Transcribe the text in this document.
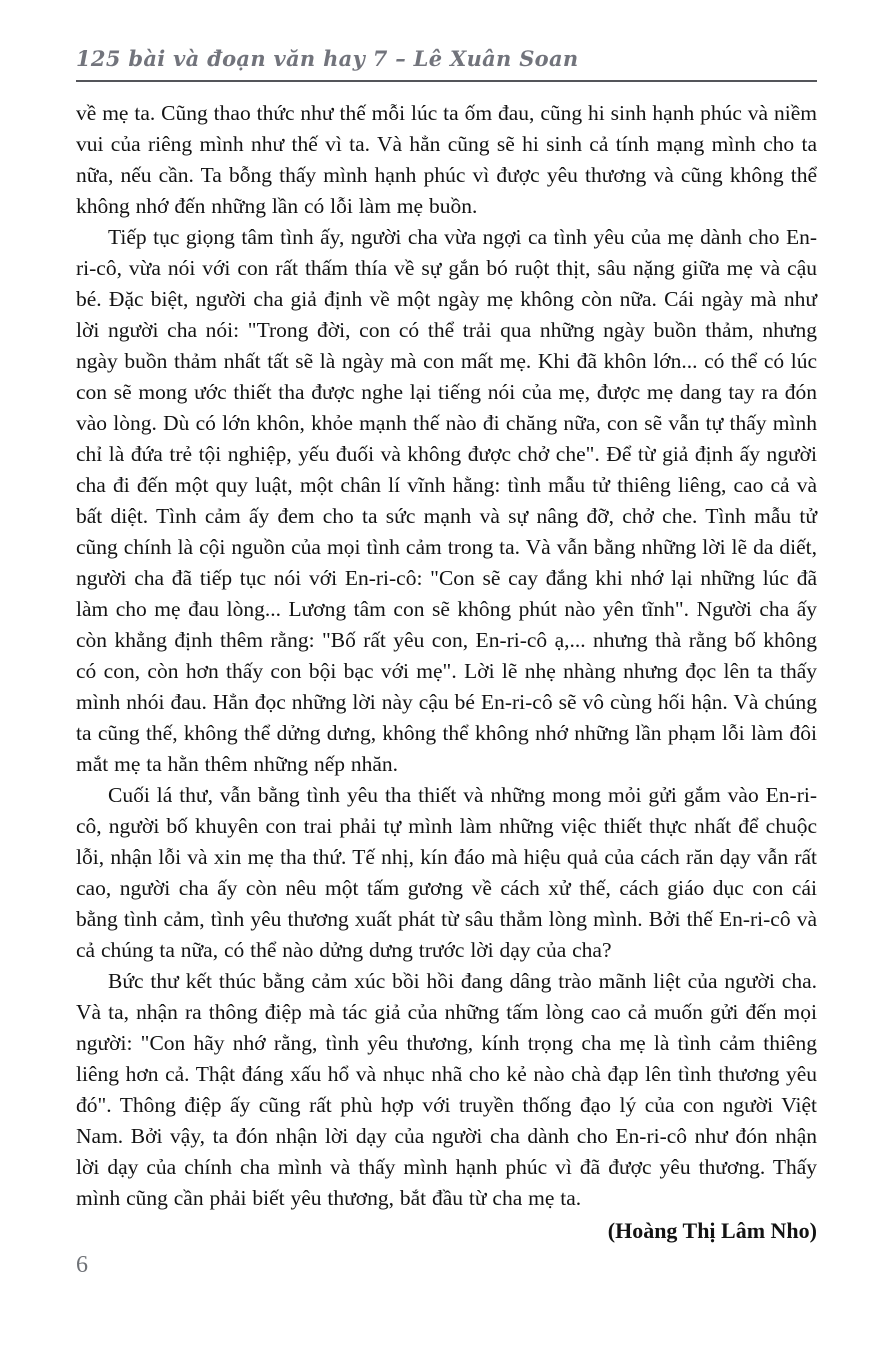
125 bài và đoạn văn hay 7 – Lê Xuân Soan

về mẹ ta. Cũng thao thức như thế mỗi lúc ta ốm đau, cũng hi sinh hạnh phúc và niềm vui của riêng mình như thế vì ta. Và hẳn cũng sẽ hi sinh cả tính mạng mình cho ta nữa, nếu cần. Ta bỗng thấy mình hạnh phúc vì được yêu thương và cũng không thể không nhớ đến những lần có lỗi làm mẹ buồn.

Tiếp tục giọng tâm tình ấy, người cha vừa ngợi ca tình yêu của mẹ dành cho En-ri-cô, vừa nói với con rất thấm thía về sự gắn bó ruột thịt, sâu nặng giữa mẹ và cậu bé. Đặc biệt, người cha giả định về một ngày mẹ không còn nữa. Cái ngày mà như lời người cha nói: "Trong đời, con có thể trải qua những ngày buồn thảm, nhưng ngày buồn thảm nhất tất sẽ là ngày mà con mất mẹ. Khi đã khôn lớn... có thể có lúc con sẽ mong ước thiết tha được nghe lại tiếng nói của mẹ, được mẹ dang tay ra đón vào lòng. Dù có lớn khôn, khỏe mạnh thế nào đi chăng nữa, con sẽ vẫn tự thấy mình chỉ là đứa trẻ tội nghiệp, yếu đuối và không được chở che". Để từ giả định ấy người cha đi đến một quy luật, một chân lí vĩnh hằng: tình mẫu tử thiêng liêng, cao cả và bất diệt. Tình cảm ấy đem cho ta sức mạnh và sự nâng đỡ, chở che. Tình mẫu tử cũng chính là cội nguồn của mọi tình cảm trong ta. Và vẫn bằng những lời lẽ da diết, người cha đã tiếp tục nói với En-ri-cô: "Con sẽ cay đắng khi nhớ lại những lúc đã làm cho mẹ đau lòng... Lương tâm con sẽ không phút nào yên tĩnh". Người cha ấy còn khẳng định thêm rằng: "Bố rất yêu con, En-ri-cô ạ,... nhưng thà rằng bố không có con, còn hơn thấy con bội bạc với mẹ". Lời lẽ nhẹ nhàng nhưng đọc lên ta thấy mình nhói đau. Hẳn đọc những lời này cậu bé En-ri-cô sẽ vô cùng hối hận. Và chúng ta cũng thế, không thể dửng dưng, không thể không nhớ những lần phạm lỗi làm đôi mắt mẹ ta hằn thêm những nếp nhăn.

Cuối lá thư, vẫn bằng tình yêu tha thiết và những mong mỏi gửi gắm vào En-ri-cô, người bố khuyên con trai phải tự mình làm những việc thiết thực nhất để chuộc lỗi, nhận lỗi và xin mẹ tha thứ. Tế nhị, kín đáo mà hiệu quả của cách răn dạy vẫn rất cao, người cha ấy còn nêu một tấm gương về cách xử thế, cách giáo dục con cái bằng tình cảm, tình yêu thương xuất phát từ sâu thẳm lòng mình. Bởi thế En-ri-cô và cả chúng ta nữa, có thể nào dửng dưng trước lời dạy của cha?

Bức thư kết thúc bằng cảm xúc bồi hồi đang dâng trào mãnh liệt của người cha. Và ta, nhận ra thông điệp mà tác giả của những tấm lòng cao cả muốn gửi đến mọi người: "Con hãy nhớ rằng, tình yêu thương, kính trọng cha mẹ là tình cảm thiêng liêng hơn cả. Thật đáng xấu hổ và nhục nhã cho kẻ nào chà đạp lên tình thương yêu đó". Thông điệp ấy cũng rất phù hợp với truyền thống đạo lý của con người Việt Nam. Bởi vậy, ta đón nhận lời dạy của người cha dành cho En-ri-cô như đón nhận lời dạy của chính cha mình và thấy mình hạnh phúc vì đã được yêu thương. Thấy mình cũng cần phải biết yêu thương, bắt đầu từ cha mẹ ta.

(Hoàng Thị Lâm Nho)
6
